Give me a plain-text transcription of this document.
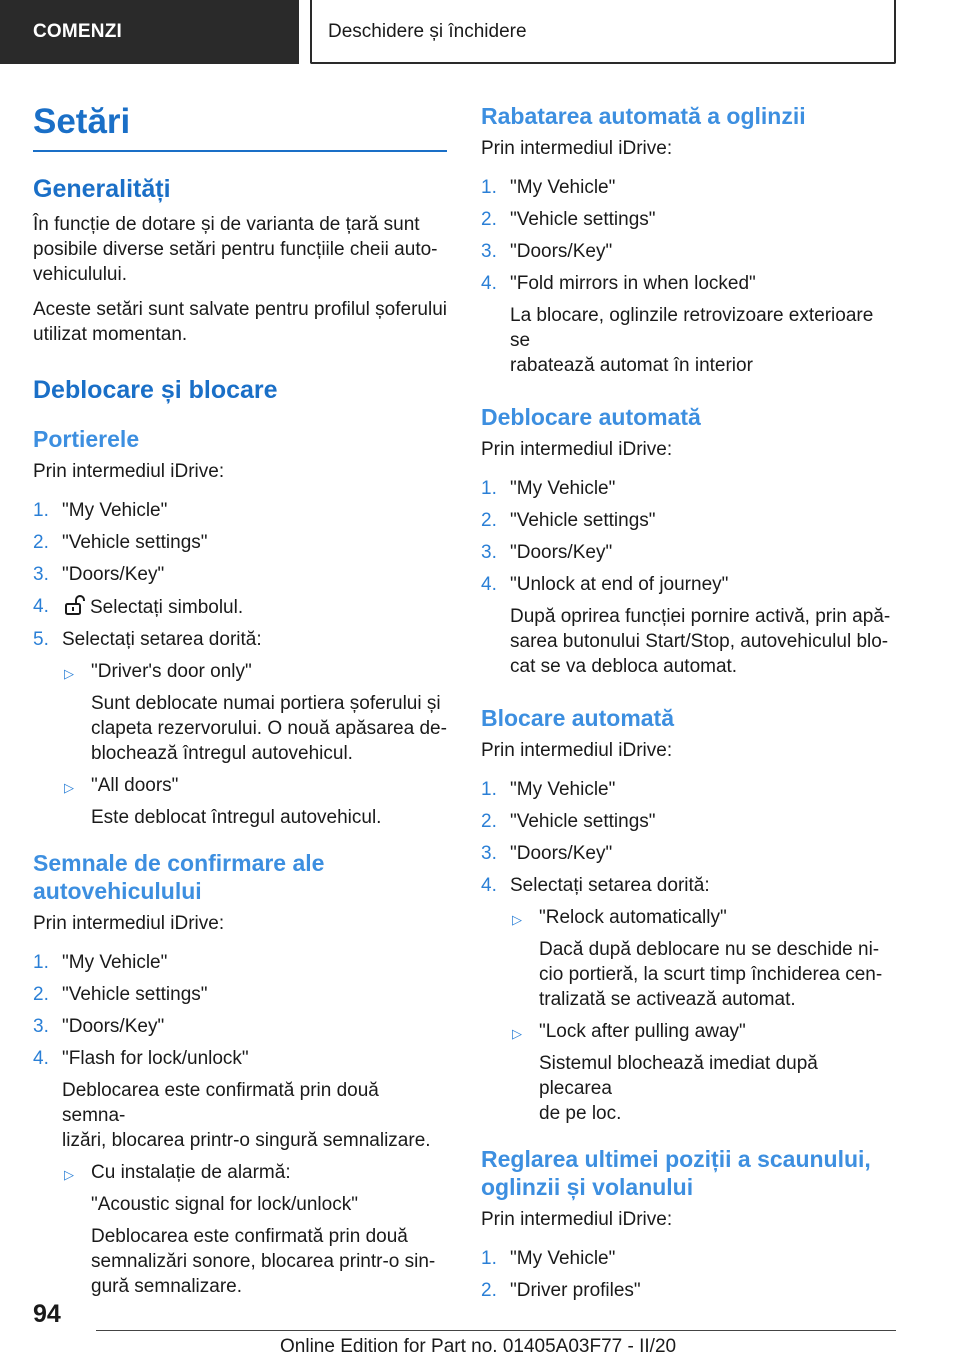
COMENZI	Deschidere și închidere
Setări
Generalități
În funcție de dotare și de varianta de țară sunt
posibile diverse setări pentru funcțiile cheii auto-
vehiculului.
Aceste setări sunt salvate pentru profilul șoferului
utilizat momentan.
Deblocare și blocare
Portierele
Prin intermediul iDrive:
1. "My Vehicle"
2. "Vehicle settings"
3. "Doors/Key"
4. Selectați simbolul.
5. Selectați setarea dorită:
▷ "Driver's door only"
Sunt deblocate numai portiera șoferului și
clapeta rezervorului. O nouă apăsarea de-
blochează întregul autovehicul.
▷ "All doors"
Este deblocat întregul autovehicul.
Semnale de confirmare ale
autovehiculului
Prin intermediul iDrive:
1. "My Vehicle"
2. "Vehicle settings"
3. "Doors/Key"
4. "Flash for lock/unlock"
Deblocarea este confirmată prin două semna-
lizări, blocarea printr-o singură semnalizare.
▷ Cu instalație de alarmă:
"Acoustic signal for lock/unlock"
Deblocarea este confirmată prin două
semnalizări sonore, blocarea printr-o sin-
gură semnalizare.
Rabatarea automată a oglinzii
Prin intermediul iDrive:
1. "My Vehicle"
2. "Vehicle settings"
3. "Doors/Key"
4. "Fold mirrors in when locked"
La blocare, oglinzile retrovizoare exterioare se
rabatează automat în interior
Deblocare automată
Prin intermediul iDrive:
1. "My Vehicle"
2. "Vehicle settings"
3. "Doors/Key"
4. "Unlock at end of journey"
După oprirea funcției pornire activă, prin apă-
sarea butonului Start/Stop, autovehiculul blo-
cat se va debloca automat.
Blocare automată
Prin intermediul iDrive:
1. "My Vehicle"
2. "Vehicle settings"
3. "Doors/Key"
4. Selectați setarea dorită:
▷ "Relock automatically"
Dacă după deblocare nu se deschide ni-
cio portieră, la scurt timp închiderea cen-
tralizată se activează automat.
▷ "Lock after pulling away"
Sistemul blochează imediat după plecarea
de pe loc.
Reglarea ultimei poziții a scaunului,
oglinzii și volanului
Prin intermediul iDrive:
1. "My Vehicle"
2. "Driver profiles"
94
Online Edition for Part no. 01405A03F77 - II/20
